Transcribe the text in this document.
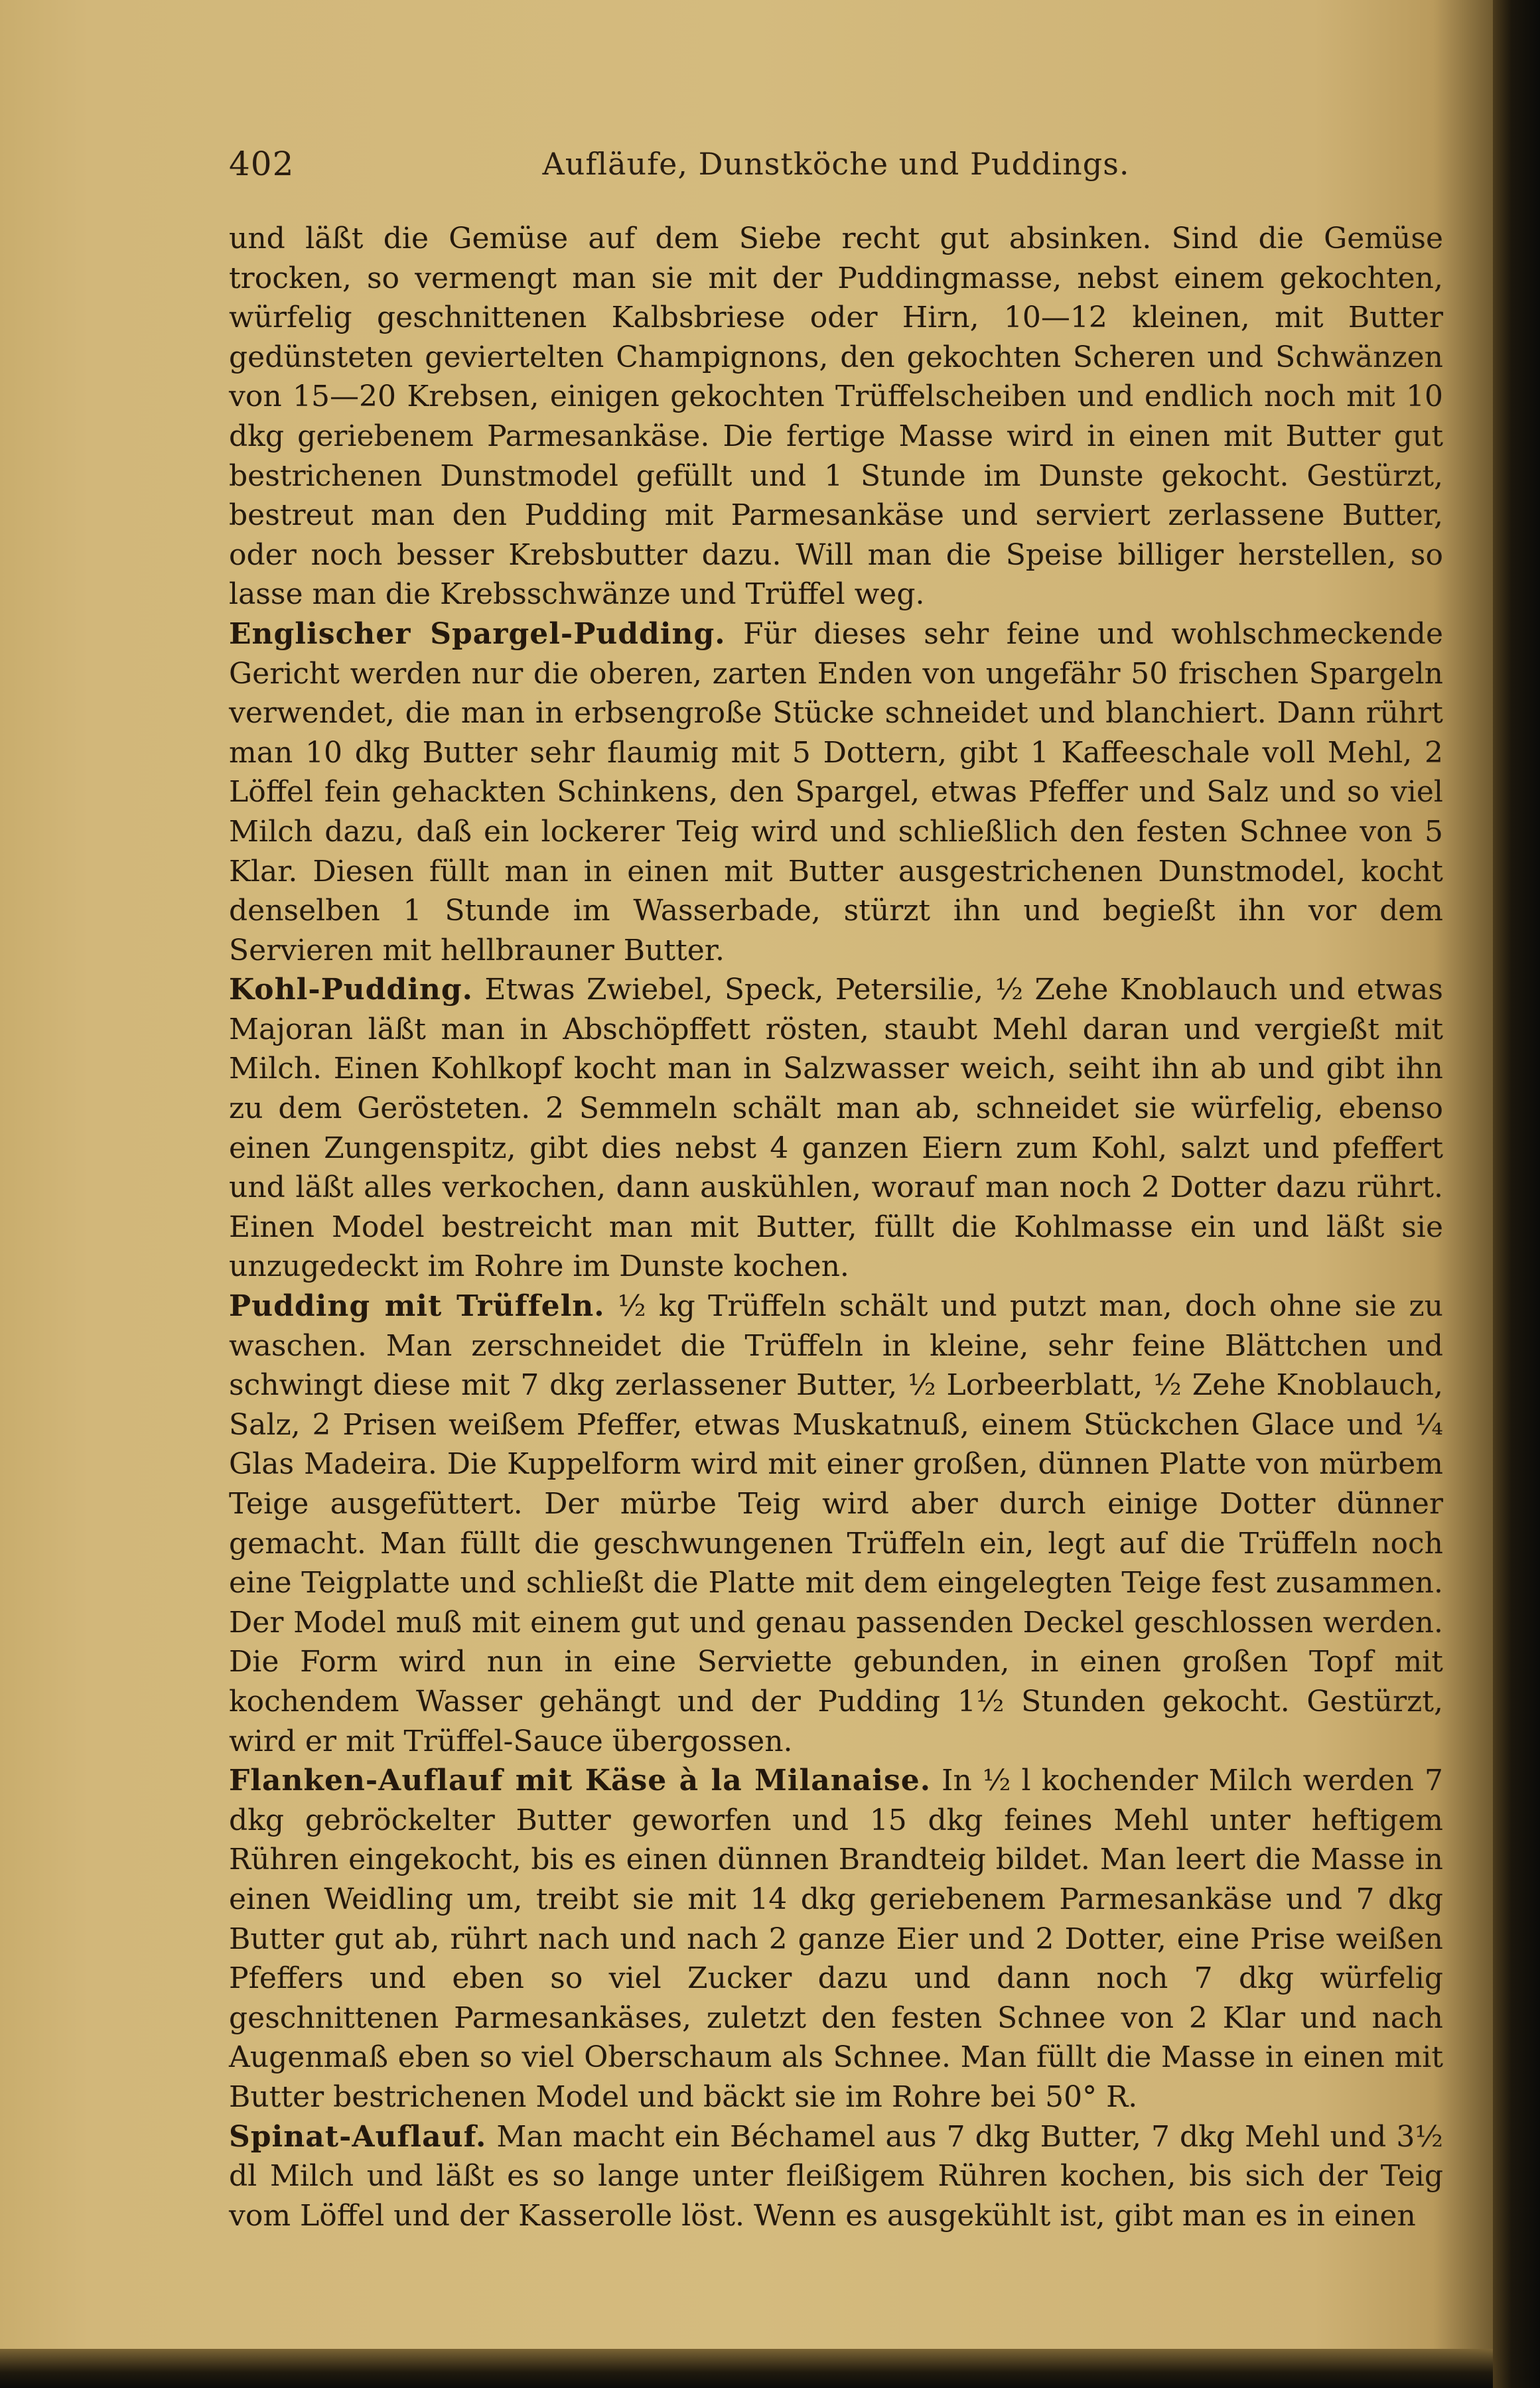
402	Aufläufe, Dunstköche und Puddings.

und läßt die Gemüse auf dem Siebe recht gut absinken. Sind die Gemüse trocken, so vermengt man sie mit der Puddingmasse, nebst einem gekochten, würfelig geschnittenen Kalbsbriese oder Hirn, 10—12 kleinen, mit Butter gedünsteten geviertelten Champignons, den gekochten Scheren und Schwänzen von 15—20 Krebsen, einigen gekochten Trüffelscheiben und endlich noch mit 10 dkg geriebenem Parmesankäse. Die fertige Masse wird in einen mit Butter gut bestrichenen Dunstmodel gefüllt und 1 Stunde im Dunste gekocht. Gestürzt, bestreut man den Pudding mit Parmesankäse und serviert zerlassene Butter, oder noch besser Krebsbutter dazu. Will man die Speise billiger herstellen, so lasse man die Krebsschwänze und Trüffel weg.

Englischer Spargel-Pudding. Für dieses sehr feine und wohlschmeckende Gericht werden nur die oberen, zarten Enden von ungefähr 50 frischen Spargeln verwendet, die man in erbsengroße Stücke schneidet und blanchiert. Dann rührt man 10 dkg Butter sehr flaumig mit 5 Dottern, gibt 1 Kaffeeschale voll Mehl, 2 Löffel fein gehackten Schinkens, den Spargel, etwas Pfeffer und Salz und so viel Milch dazu, daß ein lockerer Teig wird und schließlich den festen Schnee von 5 Klar. Diesen füllt man in einen mit Butter ausgestrichenen Dunstmodel, kocht denselben 1 Stunde im Wasserbade, stürzt ihn und begießt ihn vor dem Servieren mit hellbrauner Butter.

Kohl-Pudding. Etwas Zwiebel, Speck, Petersilie, ½ Zehe Knoblauch und etwas Majoran läßt man in Abschöpffett rösten, staubt Mehl daran und vergießt mit Milch. Einen Kohlkopf kocht man in Salzwasser weich, seiht ihn ab und gibt ihn zu dem Gerösteten. 2 Semmeln schält man ab, schneidet sie würfelig, ebenso einen Zungenspitz, gibt dies nebst 4 ganzen Eiern zum Kohl, salzt und pfeffert und läßt alles verkochen, dann auskühlen, worauf man noch 2 Dotter dazu rührt. Einen Model bestreicht man mit Butter, füllt die Kohlmasse ein und läßt sie unzugedeckt im Rohre im Dunste kochen.

Pudding mit Trüffeln. ½ kg Trüffeln schält und putzt man, doch ohne sie zu waschen. Man zerschneidet die Trüffeln in kleine, sehr feine Blättchen und schwingt diese mit 7 dkg zerlassener Butter, ½ Lorbeerblatt, ½ Zehe Knoblauch, Salz, 2 Prisen weißem Pfeffer, etwas Muskatnuß, einem Stückchen Glace und ¼ Glas Madeira. Die Kuppelform wird mit einer großen, dünnen Platte von mürbem Teige ausgefüttert. Der mürbe Teig wird aber durch einige Dotter dünner gemacht. Man füllt die geschwungenen Trüffeln ein, legt auf die Trüffeln noch eine Teigplatte und schließt die Platte mit dem eingelegten Teige fest zusammen. Der Model muß mit einem gut und genau passenden Deckel geschlossen werden. Die Form wird nun in eine Serviette gebunden, in einen großen Topf mit kochendem Wasser gehängt und der Pudding 1½ Stunden gekocht. Gestürzt, wird er mit Trüffel-Sauce übergossen.

Flanken-Auflauf mit Käse à la Milanaise. In ½ l kochender Milch werden 7 dkg gebröckelter Butter geworfen und 15 dkg feines Mehl unter heftigem Rühren eingekocht, bis es einen dünnen Brandteig bildet. Man leert die Masse in einen Weidling um, treibt sie mit 14 dkg geriebenem Parmesankäse und 7 dkg Butter gut ab, rührt nach und nach 2 ganze Eier und 2 Dotter, eine Prise weißen Pfeffers und eben so viel Zucker dazu und dann noch 7 dkg würfelig geschnittenen Parmesankäses, zuletzt den festen Schnee von 2 Klar und nach Augenmaß eben so viel Oberschaum als Schnee. Man füllt die Masse in einen mit Butter bestrichenen Model und bäckt sie im Rohre bei 50° R.

Spinat-Auflauf. Man macht ein Béchamel aus 7 dkg Butter, 7 dkg Mehl und 3½ dl Milch und läßt es so lange unter fleißigem Rühren kochen, bis sich der Teig vom Löffel und der Kasserolle löst. Wenn es ausgekühlt ist, gibt man es in einen
